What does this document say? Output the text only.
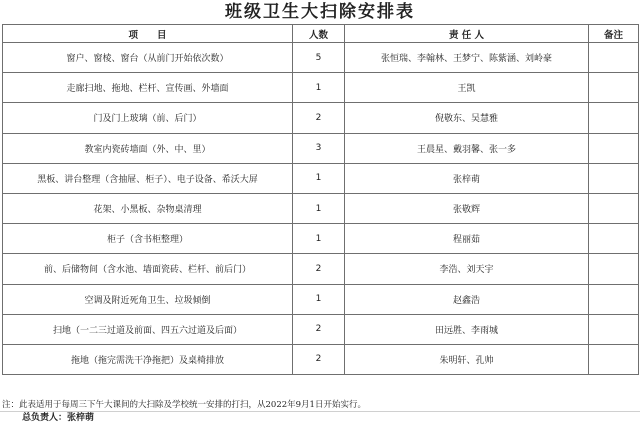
班级卫生大扫除安排表
项　　目	人数	责 任 人	备注
窗户、窗棱、窗台（从前门开始依次数）	5	张恒瑞、李翰林、王梦宁、陈紫涵、刘岭豪	
走廊扫地、拖地、栏杆、宣传画、外墙面	1	王凯	
门及门上玻璃（前、后门）	2	倪敬东、吴慧雅	
教室内瓷砖墙面（外、中、里）	3	王晨星、戴羽馨、张一多	
黑板、讲台整理（含抽屉、柜子）、电子设备、希沃大屏	1	张梓萌	
花架、小黑板、杂物桌清理	1	张敬辉	
柜子（含书柜整理）	1	程丽茹	
前、后储物间（含水池、墙面瓷砖、栏杆、前后门）	2	李浩、刘天宇	
空调及附近死角卫生、垃圾倾倒	1	赵鑫浩	
扫地（一二三过道及前面、四五六过道及后面）	2	田远胜、李雨城	
拖地（拖完需洗干净拖把）及桌椅排放	2	朱明轩、孔帅	
注：此表适用于每周三下午大课间的大扫除及学校统一安排的打扫，从2022年9月1日开始实行。
总负责人：张梓萌
